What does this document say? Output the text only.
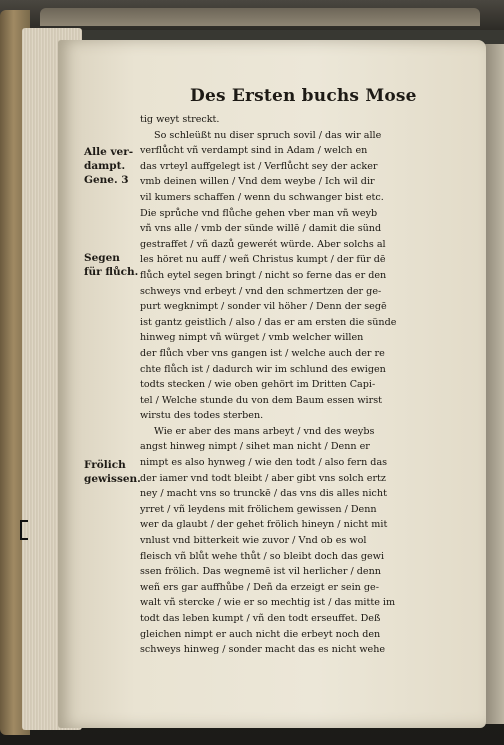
Des Ersten buchs Mose
Alle ver-
dampt.
Gene. 3
Segen
für flůch.
Frölich
gewissen.
tig weyt streckt.
So schleüßt nu diser spruch sovil / das wir alle
verflůcht vñ verdampt sind in Adam / welch en
das vrteyl auffgelegt ist / Verflůcht sey der acker
vmb deinen willen / Vnd dem weybe / Ich wil dir
vil kumers schaffen / wenn du schwanger bist etc.
Die sprůche vnd flůche gehen vber man vñ weyb
vñ vns alle / vmb der sünde willē / damit die sünd
gestraffet / vñ dazů gewerét würde. Aber solchs al
les höret nu auff / weñ Christus kumpt / der für dē
flůch eytel segen bringt / nicht so ferne das er den
schweys vnd erbeyt / vnd den schmertzen der ge-
purt wegknimpt / sonder vil höher / Denn der segē
ist gantz geistlich / also / das er am ersten die sünde
hinweg nimpt vñ würget / vmb welcher willen
der flůch vber vns gangen ist / welche auch der re
chte flůch ist / dadurch wir im schlund des ewigen
todts stecken / wie oben gehört im Dritten Capi-
tel / Welche stunde du von dem Baum essen wirst
wirstu des todes sterben.
Wie er aber des mans arbeyt / vnd des weybs
angst hinweg nimpt / sihet man nicht / Denn er
nimpt es also hynweg / wie den todt / also fern das
der iamer vnd todt bleibt / aber gibt vns solch ertz
ney / macht vns so trunckē / das vns dis alles nicht
yrret / vñ leydens mit frölichem gewissen / Denn
wer da glaubt / der gehet frölich hineyn / nicht mit
vnlust vnd bitterkeit wie zuvor / Vnd ob es wol
fleisch vñ blůt wehe thůt / so bleibt doch das gewi
ssen frölich. Das wegnemē ist vil herlicher / denn
weñ ers gar auffhůbe / Deñ da erzeigt er sein ge-
walt vñ stercke / wie er so mechtig ist / das mitte im
todt das leben kumpt / vñ den todt erseuffet. Deß
gleichen nimpt er auch nicht die erbeyt noch den
schweys hinweg / sonder macht das es nicht wehe
